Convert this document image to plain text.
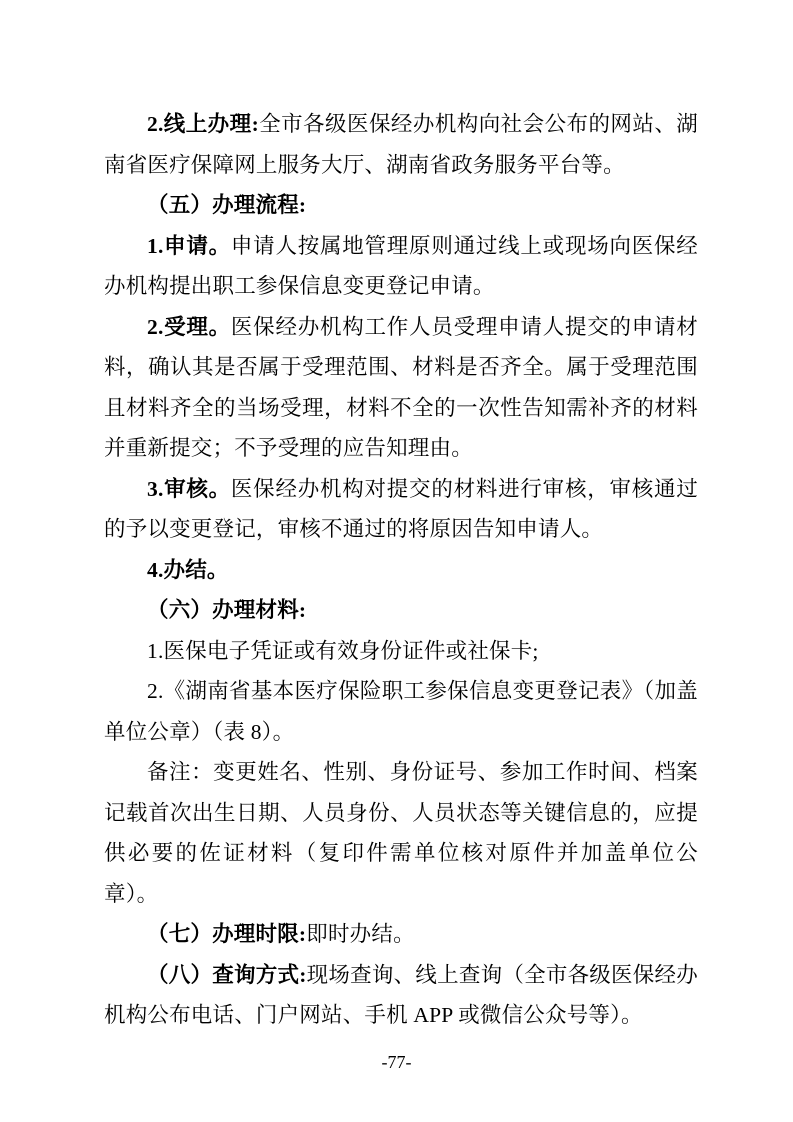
2.线上办理:全市各级医保经办机构向社会公布的网站、湖南省医疗保障网上服务大厅、湖南省政务服务平台等。

（五）办理流程:

1.申请。申请人按属地管理原则通过线上或现场向医保经办机构提出职工参保信息变更登记申请。

2.受理。医保经办机构工作人员受理申请人提交的申请材料，确认其是否属于受理范围、材料是否齐全。属于受理范围且材料齐全的当场受理，材料不全的一次性告知需补齐的材料并重新提交；不予受理的应告知理由。

3.审核。医保经办机构对提交的材料进行审核，审核通过的予以变更登记，审核不通过的将原因告知申请人。

4.办结。

（六）办理材料:

1.医保电子凭证或有效身份证件或社保卡;

2.《湖南省基本医疗保险职工参保信息变更登记表》（加盖单位公章）（表 8）。

备注：变更姓名、性别、身份证号、参加工作时间、档案记载首次出生日期、人员身份、人员状态等关键信息的，应提供必要的佐证材料（复印件需单位核对原件并加盖单位公章）。

（七）办理时限:即时办结。

（八）查询方式:现场查询、线上查询（全市各级医保经办机构公布电话、门户网站、手机 APP 或微信公众号等）。

-77-
